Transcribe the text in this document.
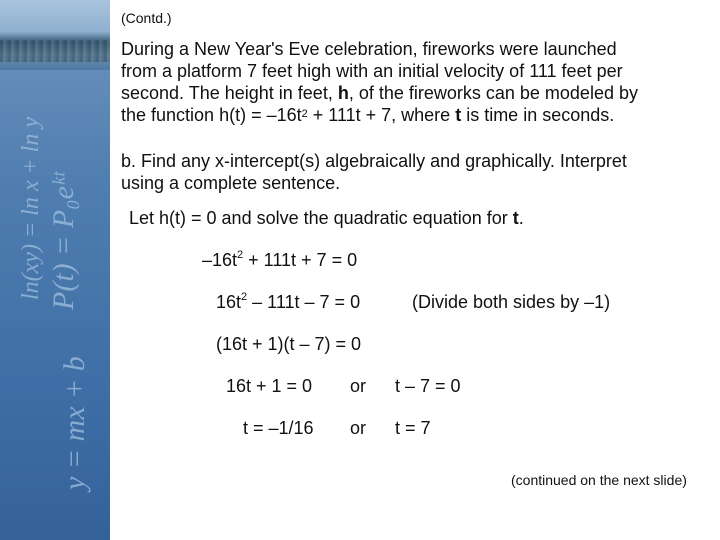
ln(xy) = ln x + ln y P(t) = P₀eᵏᵗ
y = mx + b
(Contd.)
During a New Year's Eve celebration, fireworks were launched
from a platform 7 feet high with an initial velocity of 111 feet per
second. The height in feet, h, of the fireworks can be modeled by
the function $h(t) = -16t^2 + 111t + 7$, where t is time in seconds.
b. Find any x-intercept(s) algebraically and graphically. Interpret
using a complete sentence.
Let h(t) = 0 and solve the quadratic equation for t.
$-16t^2 + 111t + 7 = 0$
$16t^2 - 111t - 7 = 0$	(Divide both sides by –1)
(16t + 1)(t – 7) = 0
16t + 1 = 0 or t – 7 = 0
t = –1/16 or t = 7
(continued on the next slide)
